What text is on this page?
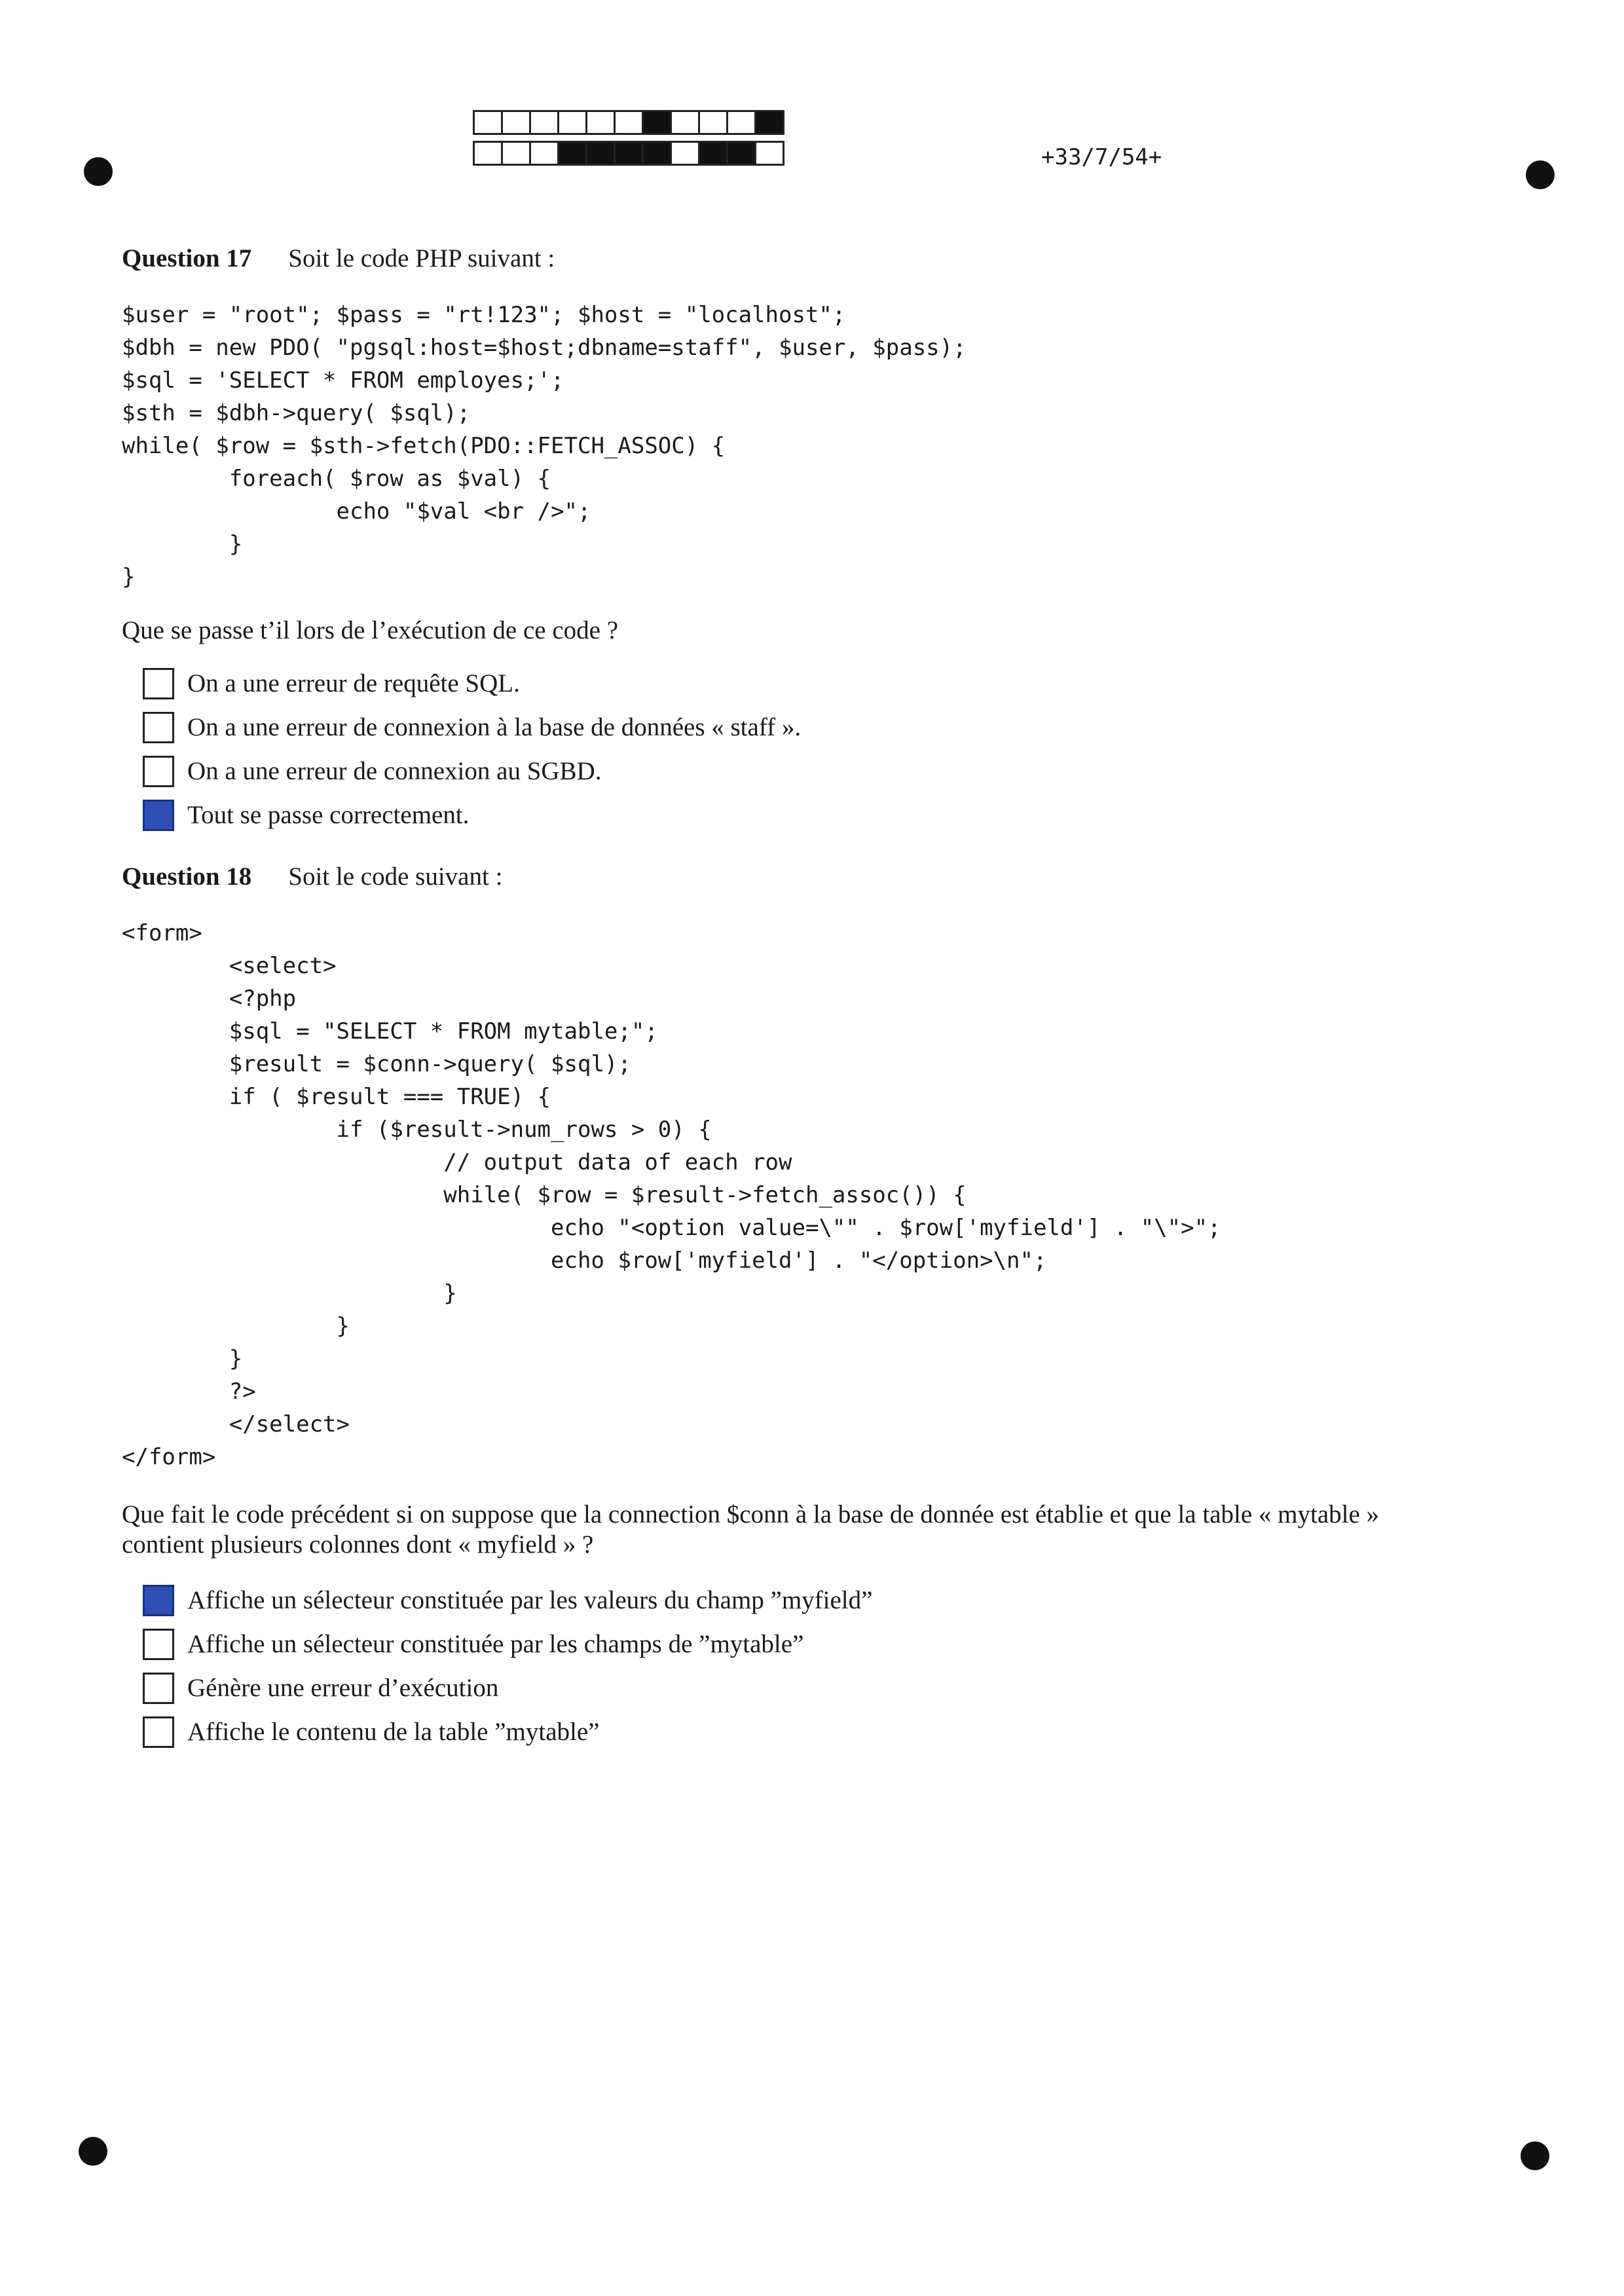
+33/7/54+
Question 17 Soit le code PHP suivant :
$user = "root"; $pass = "rt!123"; $host = "localhost";
$dbh = new PDO( "pgsql:host=$host;dbname=staff", $user, $pass);
$sql = 'SELECT * FROM employes;';
$sth = $dbh->query( $sql);
while( $row = $sth->fetch(PDO::FETCH_ASSOC) {
foreach( $row as $val) {
echo "$val <br />";
}
}
Que se passe t’il lors de l’exécution de ce code ?
On a une erreur de requête SQL.
On a une erreur de connexion à la base de données « staff ».
On a une erreur de connexion au SGBD.
Tout se passe correctement.
Question 18 Soit le code suivant :
<form>
<select>
<?php
$sql = "SELECT * FROM mytable;";
$result = $conn->query( $sql);
if ( $result === TRUE) {
if ($result->num_rows > 0) {
// output data of each row
while( $row = $result->fetch_assoc()) {
echo "<option value=\"" . $row['myfield'] . "\">";
echo $row['myfield'] . "</option>\n";
}
}
}
?>
</select>
</form>
Que fait le code précédent si on suppose que la connection $conn à la base de donnée est établie et que la table « mytable »
contient plusieurs colonnes dont « myfield » ?
Affiche un sélecteur constituée par les valeurs du champ ”myfield”
Affiche un sélecteur constituée par les champs de ”mytable”
Génère une erreur d’exécution
Affiche le contenu de la table ”mytable”
